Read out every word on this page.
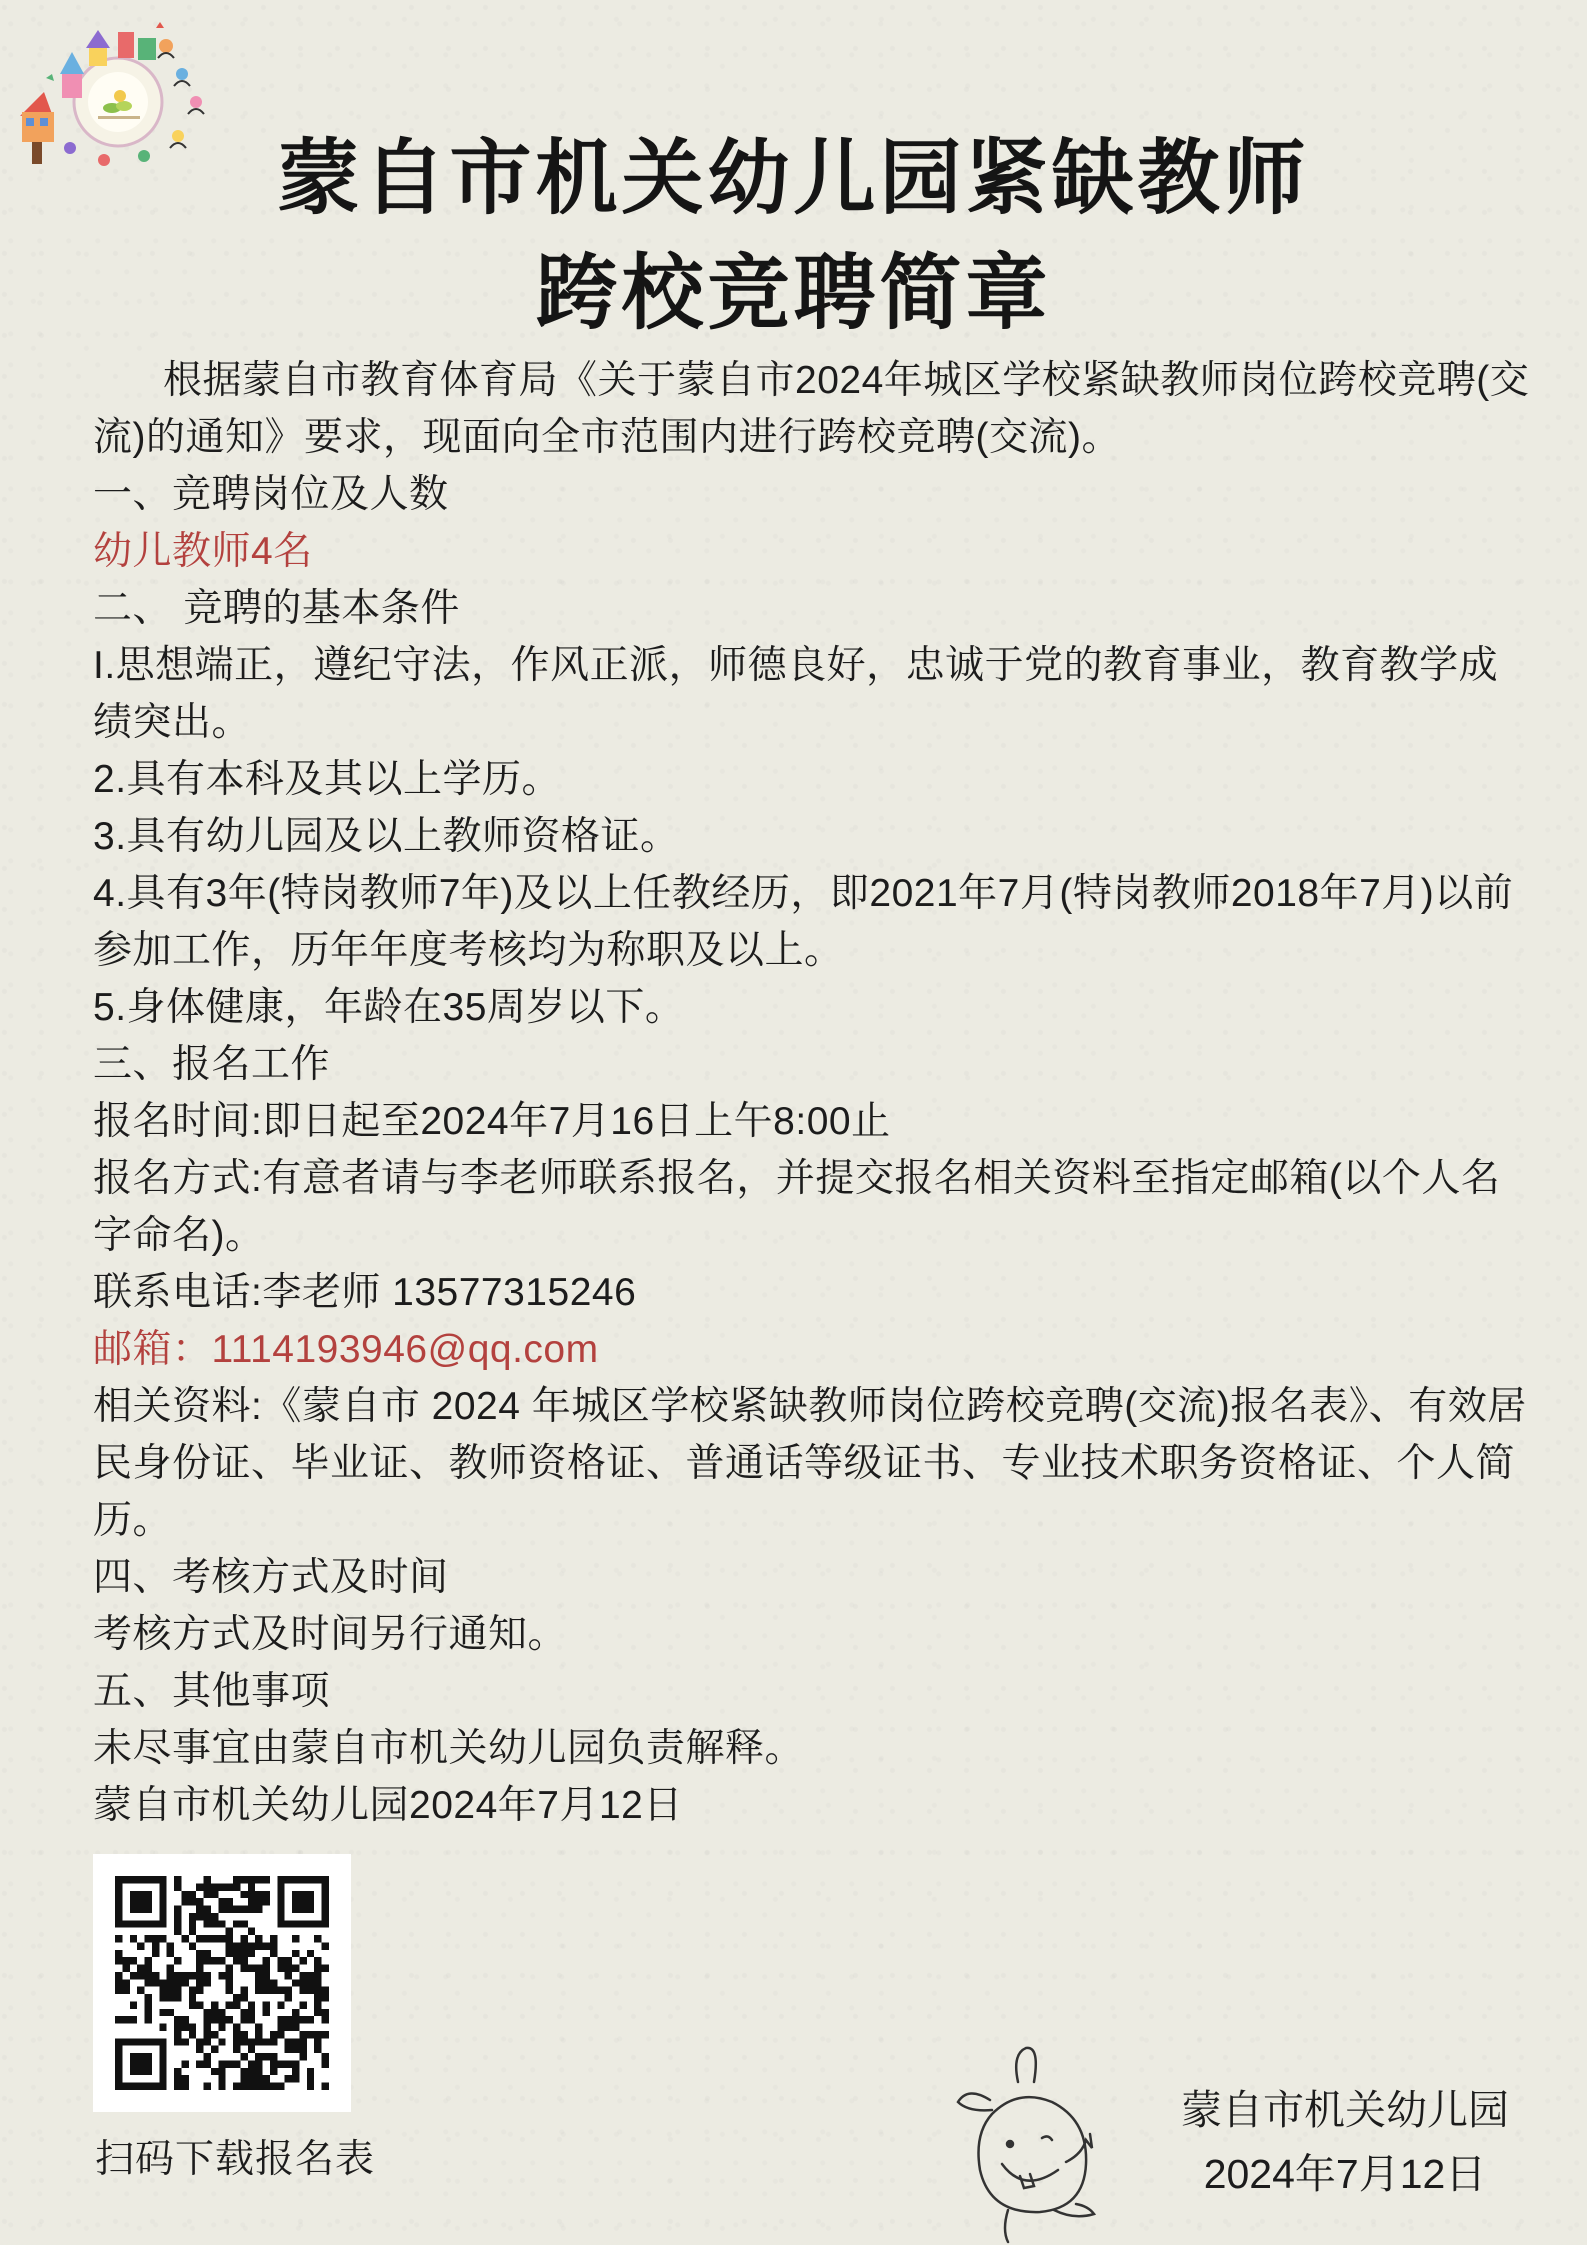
蒙自市机关幼儿园紧缺教师
跨校竞聘简章

根据蒙自市教育体育局《关于蒙自市2024年城区学校紧缺教师岗位跨校竞聘(交流)的通知》要求，现面向全市范围内进行跨校竞聘(交流)。

一、竞聘岗位及人数

幼儿教师4名

二、 竞聘的基本条件

I.思想端正，遵纪守法，作风正派，师德良好，忠诚于党的教育事业，教育教学成绩突出。

2.具有本科及其以上学历。

3.具有幼儿园及以上教师资格证。

4.具有3年(特岗教师7年)及以上任教经历，即2021年7月(特岗教师2018年7月)以前参加工作，历年年度考核均为称职及以上。

5.身体健康，年龄在35周岁以下。

三、报名工作

报名时间:即日起至2024年7月16日上午8:00止

报名方式:有意者请与李老师联系报名，并提交报名相关资料至指定邮箱(以个人名字命名)。

联系电话:李老师 13577315246

邮箱：1114193946@qq.com

相关资料:《蒙自市 2024 年城区学校紧缺教师岗位跨校竞聘(交流)报名表》、有效居民身份证、毕业证、教师资格证、普通话等级证书、专业技术职务资格证、个人简历。

四、考核方式及时间

考核方式及时间另行通知。

五、其他事项

未尽事宜由蒙自市机关幼儿园负责解释。

蒙自市机关幼儿园2024年7月12日

扫码下载报名表

蒙自市机关幼儿园

2024年7月12日
